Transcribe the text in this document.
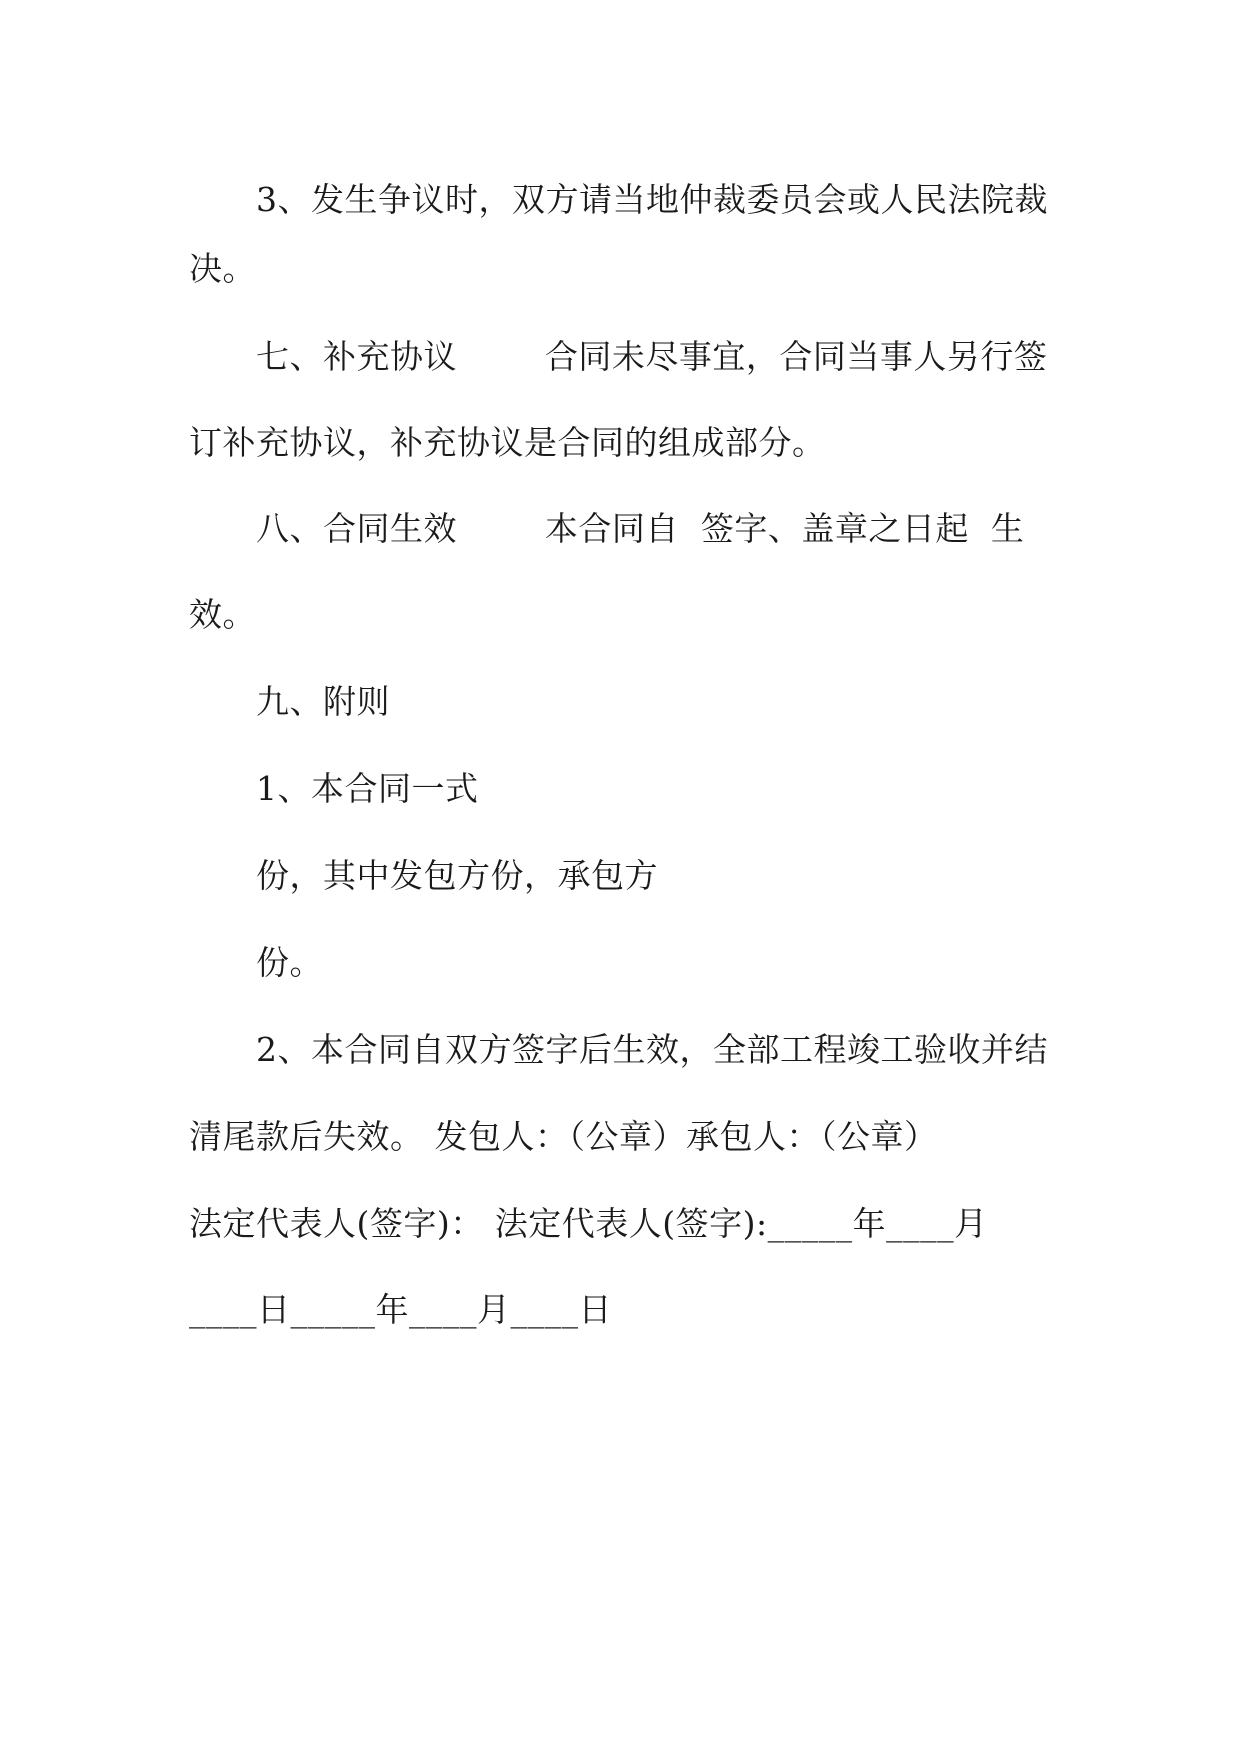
3、发生争议时，双方请当地仲裁委员会或人民法院裁
决。
七、补充协议        合同未尽事宜，合同当事人另行签
订补充协议，补充协议是合同的组成部分。
八、合同生效        本合同自  签字、盖章之日起  生
效。
九、附则
1、本合同一式
份，其中发包方份，承包方
份。
2、本合同自双方签字后生效，全部工程竣工验收并结
清尾款后失效。 发包人：（公章）承包人：（公章）
法定代表人(签字)： 法定代表人(签字):_____年____月
____日_____年____月____日
